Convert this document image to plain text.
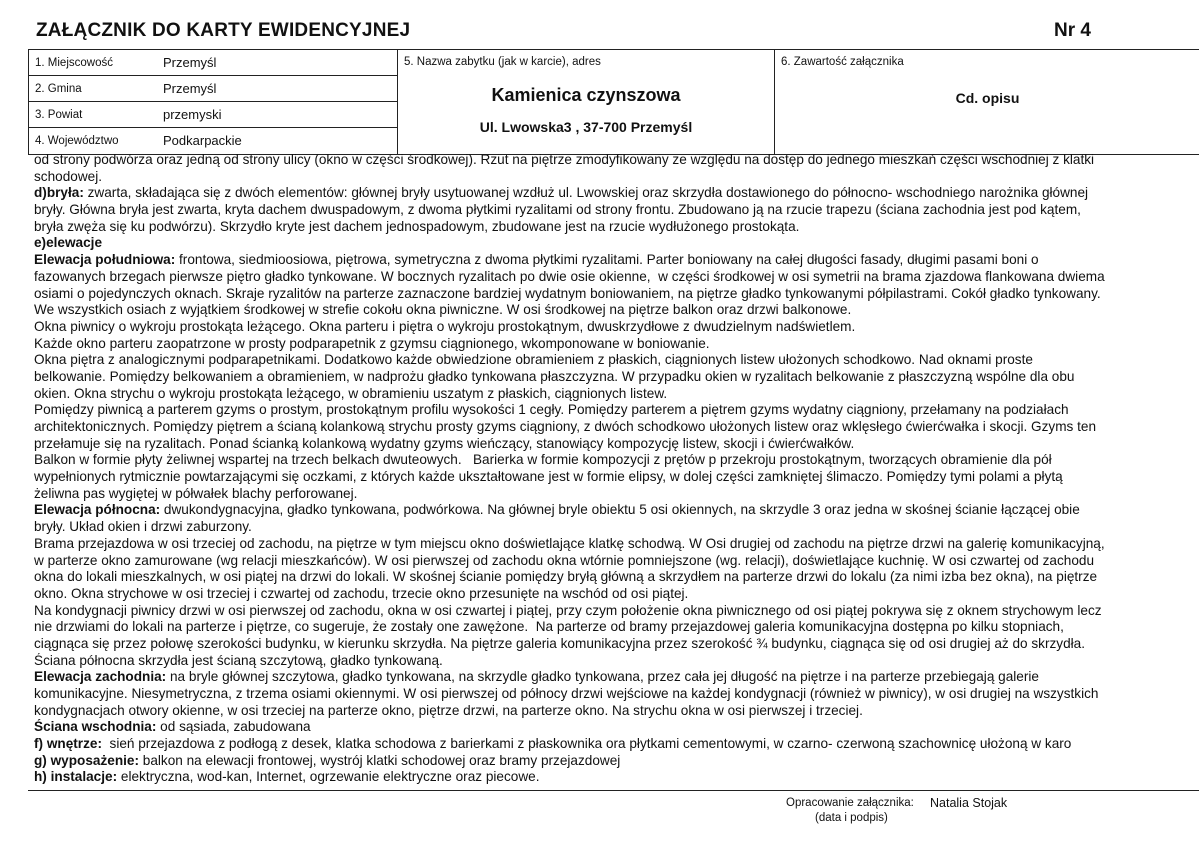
ZAŁĄCZNIK DO KARTY EWIDENCYJNEJ	Nr 4
1. Miejscowość	Przemyśl
2. Gmina	Przemyśl
3. Powiat	przemyski
4. Województwo	Podkarpackie
5. Nazwa zabytku (jak w karcie), adres
Kamienica czynszowa
Ul. Lwowska3 , 37-700 Przemyśl
6. Zawartość załącznika
Cd. opisu
od strony podwórza oraz jedną od strony ulicy (okno w części środkowej). Rzut na piętrze zmodyfikowany ze względu na dostęp do jednego mieszkań części wschodniej z klatki
schodowej.
d)bryła: zwarta, składająca się z dwóch elementów: głównej bryły usytuowanej wzdłuż ul. Lwowskiej oraz skrzydła dostawionego do północno- wschodniego narożnika głównej
bryły. Główna bryła jest zwarta, kryta dachem dwuspadowym, z dwoma płytkimi ryzalitami od strony frontu. Zbudowano ją na rzucie trapezu (ściana zachodnia jest pod kątem,
bryła zwęża się ku podwórzu). Skrzydło kryte jest dachem jednospadowym, zbudowane jest na rzucie wydłużonego prostokąta.
e)elewacje
Elewacja południowa: frontowa, siedmioosiowa, piętrowa, symetryczna z dwoma płytkimi ryzalitami. Parter boniowany na całej długości fasady, długimi pasami boni o
fazowanych brzegach pierwsze piętro gładko tynkowane. W bocznych ryzalitach po dwie osie okienne,  w części środkowej w osi symetrii na brama zjazdowa flankowana dwiema
osiami o pojedynczych oknach. Skraje ryzalitów na parterze zaznaczone bardziej wydatnym boniowaniem, na piętrze gładko tynkowanymi półpilastrami. Cokół gładko tynkowany.
We wszystkich osiach z wyjątkiem środkowej w strefie cokołu okna piwniczne. W osi środkowej na piętrze balkon oraz drzwi balkonowe.
Okna piwnicy o wykroju prostokąta leżącego. Okna parteru i piętra o wykroju prostokątnym, dwuskrzydłowe z dwudzielnym nadświetlem.
Każde okno parteru zaopatrzone w prosty podparapetnik z gzymsu ciągnionego, wkomponowane w boniowanie.
Okna piętra z analogicznymi podparapetnikami. Dodatkowo każde obwiedzione obramieniem z płaskich, ciągnionych listew ułożonych schodkowo. Nad oknami proste
belkowanie. Pomiędzy belkowaniem a obramieniem, w nadprożu gładko tynkowana płaszczyzna. W przypadku okien w ryzalitach belkowanie z płaszczyzną wspólne dla obu
okien. Okna strychu o wykroju prostokąta leżącego, w obramieniu uszatym z płaskich, ciągnionych listew.
Pomiędzy piwnicą a parterem gzyms o prostym, prostokątnym profilu wysokości 1 cegły. Pomiędzy parterem a piętrem gzyms wydatny ciągniony, przełamany na podziałach
architektonicznych. Pomiędzy piętrem a ścianą kolankową strychu prosty gzyms ciągniony, z dwóch schodkowo ułożonych listew oraz wklęsłego ćwierćwałka i skocji. Gzyms ten
przełamuje się na ryzalitach. Ponad ścianką kolankową wydatny gzyms wieńczący, stanowiący kompozycję listew, skocji i ćwierćwałków.
Balkon w formie płyty żeliwnej wspartej na trzech belkach dwuteowych.   Barierka w formie kompozycji z prętów p przekroju prostokątnym, tworzących obramienie dla pół
wypełnionych rytmicznie powtarzającymi się oczkami, z których każde ukształtowane jest w formie elipsy, w dolej części zamkniętej ślimaczo. Pomiędzy tymi polami a płytą
żeliwna pas wygiętej w półwałek blachy perforowanej.
Elewacja północna: dwukondygnacyjna, gładko tynkowana, podwórkowa. Na głównej bryle obiektu 5 osi okiennych, na skrzydle 3 oraz jedna w skośnej ścianie łączącej obie
bryły. Układ okien i drzwi zaburzony.
Brama przejazdowa w osi trzeciej od zachodu, na piętrze w tym miejscu okno doświetlające klatkę schodwą. W Osi drugiej od zachodu na piętrze drzwi na galerię komunikacyjną,
w parterze okno zamurowane (wg relacji mieszkańców). W osi pierwszej od zachodu okna wtórnie pomniejszone (wg. relacji), doświetlające kuchnię. W osi czwartej od zachodu
okna do lokali mieszkalnych, w osi piątej na drzwi do lokali. W skośnej ścianie pomiędzy bryłą główną a skrzydłem na parterze drzwi do lokalu (za nimi izba bez okna), na piętrze
okno. Okna strychowe w osi trzeciej i czwartej od zachodu, trzecie okno przesunięte na wschód od osi piątej.
Na kondygnacji piwnicy drzwi w osi pierwszej od zachodu, okna w osi czwartej i piątej, przy czym położenie okna piwnicznego od osi piątej pokrywa się z oknem strychowym lecz
nie drzwiami do lokali na parterze i piętrze, co sugeruje, że zostały one zawężone.  Na parterze od bramy przejazdowej galeria komunikacyjna dostępna po kilku stopniach,
ciągnąca się przez połowę szerokości budynku, w kierunku skrzydła. Na piętrze galeria komunikacyjna przez szerokość ¾ budynku, ciągnąca się od osi drugiej aż do skrzydła.
Ściana północna skrzydła jest ścianą szczytową, gładko tynkowaną.
Elewacja zachodnia: na bryle głównej szczytowa, gładko tynkowana, na skrzydle gładko tynkowana, przez cała jej długość na piętrze i na parterze przebiegają galerie
komunikacyjne. Niesymetryczna, z trzema osiami okiennymi. W osi pierwszej od północy drzwi wejściowe na każdej kondygnacji (również w piwnicy), w osi drugiej na wszystkich
kondygnacjach otwory okienne, w osi trzeciej na parterze okno, piętrze drzwi, na parterze okno. Na strychu okna w osi pierwszej i trzeciej.
Ściana wschodnia: od sąsiada, zabudowana
f) wnętrze:  sień przejazdowa z podłogą z desek, klatka schodowa z barierkami z płaskownika ora płytkami cementowymi, w czarno- czerwoną szachownicę ułożoną w karo
g) wyposażenie: balkon na elewacji frontowej, wystrój klatki schodowej oraz bramy przejazdowej
h) instalacje: elektryczna, wod-kan, Internet, ogrzewanie elektryczne oraz piecowe.
Opracowanie załącznika: Natalia Stojak
(data i podpis)
